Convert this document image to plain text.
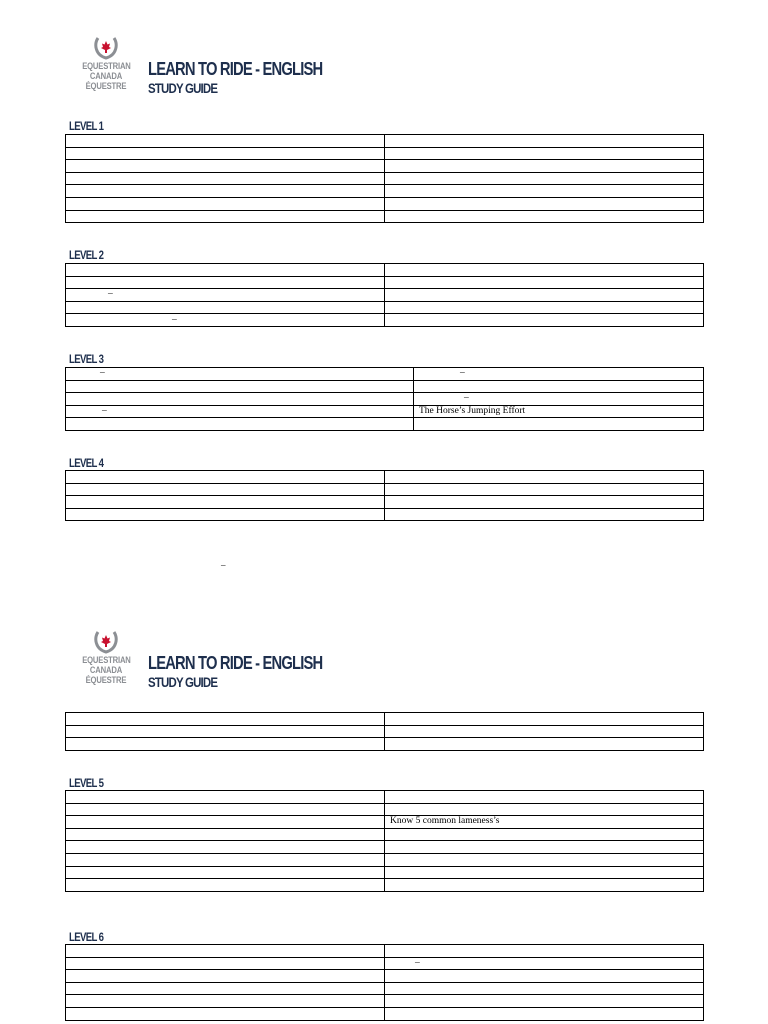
EQUESTRIAN
CANADA
ÉQUESTRE
LEARN TO RIDE - ENGLISH
STUDY GUIDE
LEVEL 1

LEVEL 2

–	

–	
LEVEL 3
–	–

	–
–	The Horse’s Jumping Effort

LEVEL 4

–
EQUESTRIAN
CANADA
ÉQUESTRE
LEARN TO RIDE - ENGLISH
STUDY GUIDE

LEVEL 5

	Know 5 common lameness’s

LEVEL 6

	–
